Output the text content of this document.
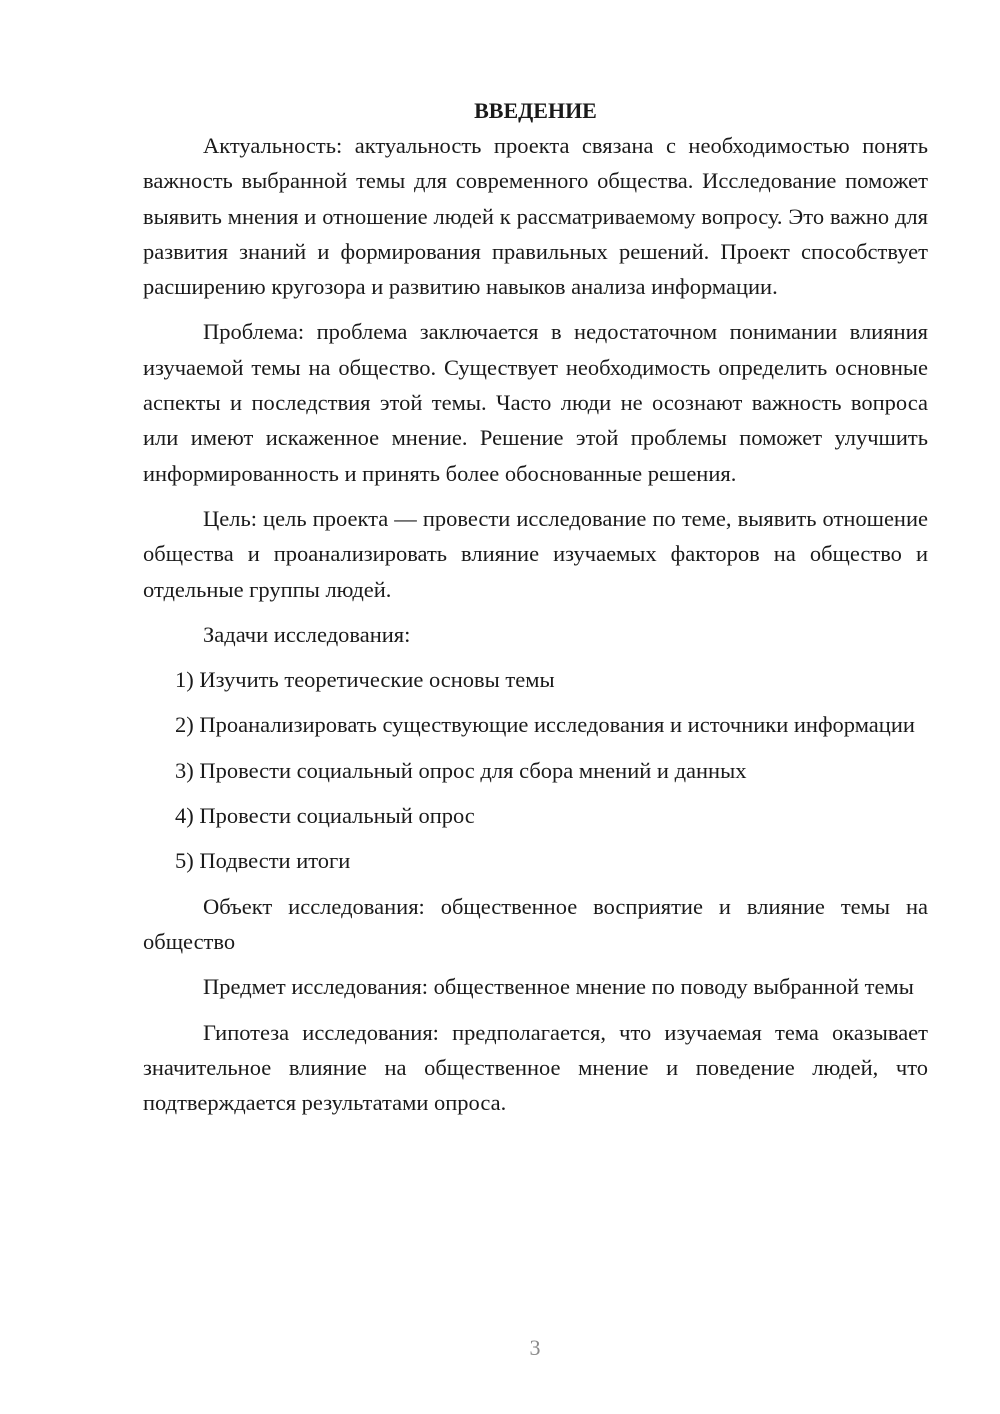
ВВЕДЕНИЕ

Актуальность: актуальность проекта связана с необходимостью понять важность выбранной темы для современного общества. Исследование поможет выявить мнения и отношение людей к рассматриваемому вопросу. Это важно для развития знаний и формирования правильных решений. Проект способствует расширению кругозора и развитию навыков анализа информации.

Проблема: проблема заключается в недостаточном понимании влияния изучаемой темы на общество. Существует необходимость определить основные аспекты и последствия этой темы. Часто люди не осознают важность вопроса или имеют искаженное мнение. Решение этой проблемы поможет улучшить информированность и принять более обоснованные решения.

Цель: цель проекта — провести исследование по теме, выявить отношение общества и проанализировать влияние изучаемых факторов на общество и отдельные группы людей.

Задачи исследования:

1) Изучить теоретические основы темы

2) Проанализировать существующие исследования и источники информации

3) Провести социальный опрос для сбора мнений и данных

4) Провести социальный опрос

5) Подвести итоги

Объект исследования: общественное восприятие и влияние темы на общество

Предмет исследования: общественное мнение по поводу выбранной темы

Гипотеза исследования: предполагается, что изучаемая тема оказывает значительное влияние на общественное мнение и поведение людей, что подтверждается результатами опроса.

3
